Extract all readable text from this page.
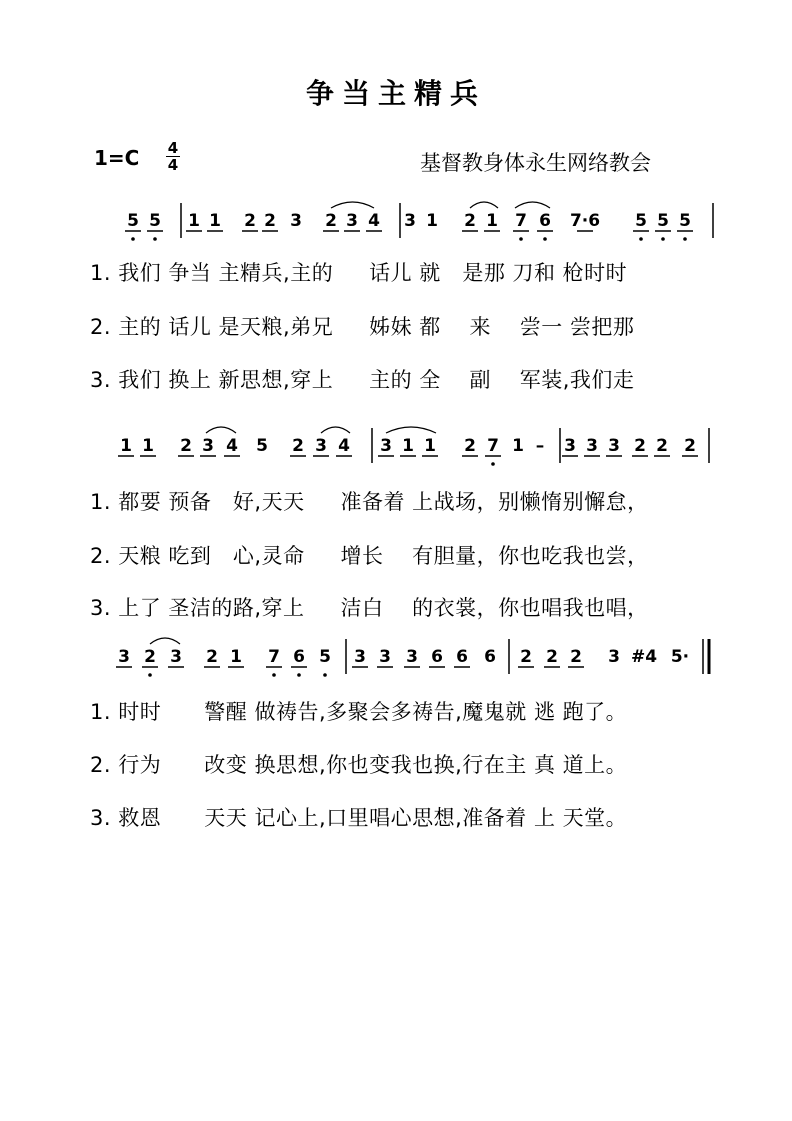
争当主精兵
1=C 4
4	基督教身体永生网络教会
5 5 1 1 2 2 3 2 3 4 3 1 2 1 7 6 7·6 5 5 5
1 1 2 3 4 5 2 3 4 3 1 1 2 7 1 – 3 3 3 2 2 2
3 2 3 2 1 7 6 5 3 3 3 6 6 6 2 2 2 3 #4 5·
1. 我们 争当 主精兵,主的     话儿 就   是那 刀和 枪时时
2. 主的 话儿 是天粮,弟兄     姊妹 都    来    尝一 尝把那
3. 我们 换上 新思想,穿上     主的 全    副    军装,我们走
1. 都要 预备   好,天天     准备着 上战场，别懒惰别懈怠，
2. 天粮 吃到   心,灵命     增长    有胆量，你也吃我也尝，
3. 上了 圣洁的路,穿上     洁白    的衣裳，你也唱我也唱，
1. 时时      警醒 做祷告,多聚会多祷告,魔鬼就 逃 跑了。
2. 行为      改变 换思想,你也变我也换,行在主 真 道上。
3. 救恩      天天 记心上,口里唱心思想,准备着 上 天堂。
